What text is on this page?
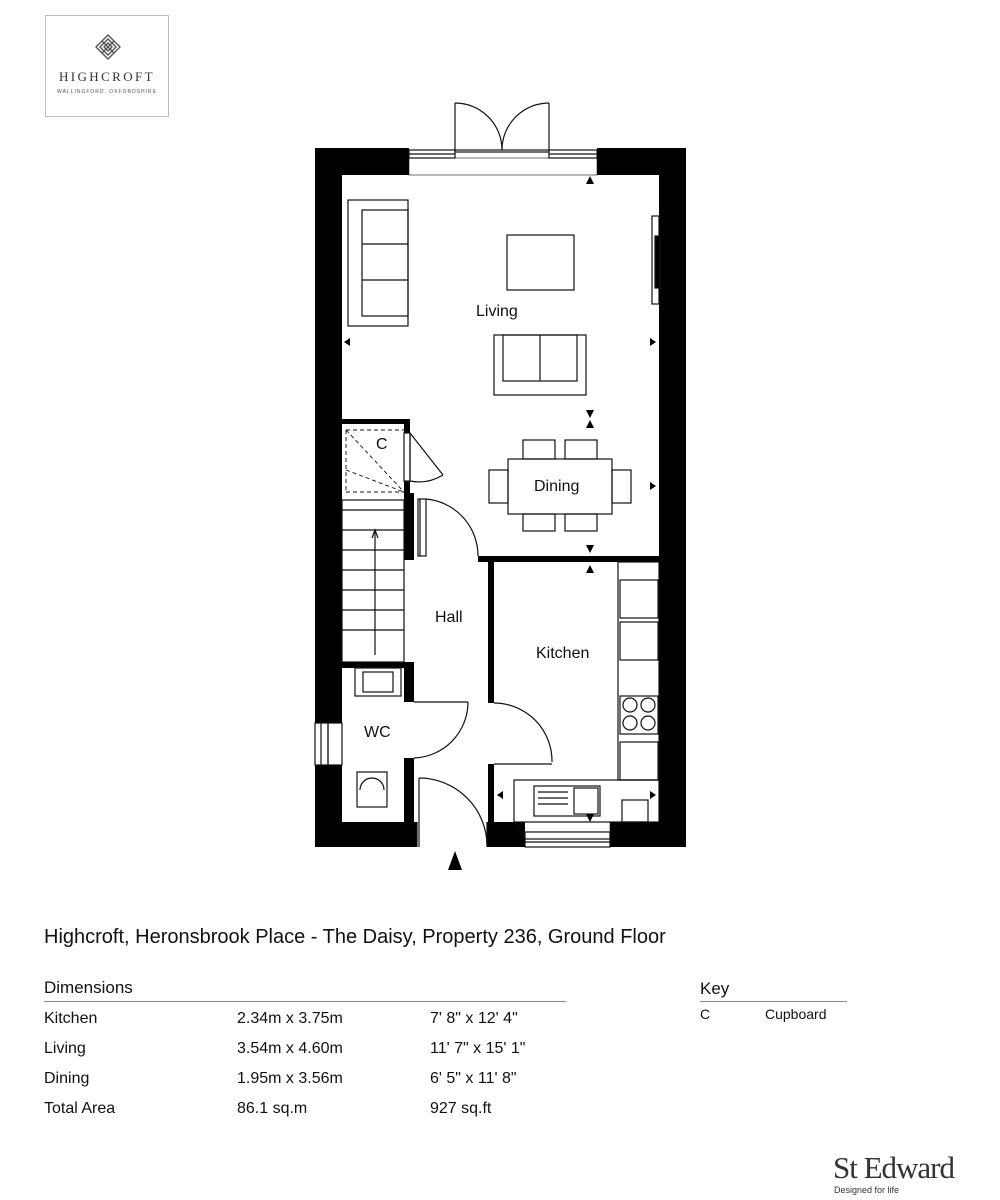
HIGHCROFT
WALLINGFORD, OXFORDSHIRE
Living
Dining
Hall
Kitchen
WC
C
Highcroft, Heronsbrook Place - The Daisy, Property 236, Ground Floor
Dimensions
Kitchen	2.34m x 3.75m	7' 8" x 12' 4"
Living	3.54m x 4.60m	11' 7" x 15' 1"
Dining	1.95m x 3.56m	6' 5" x 11' 8"
Total Area	86.1 sq.m	927 sq.ft
Key
C	Cupboard
St Edward
Designed for life
